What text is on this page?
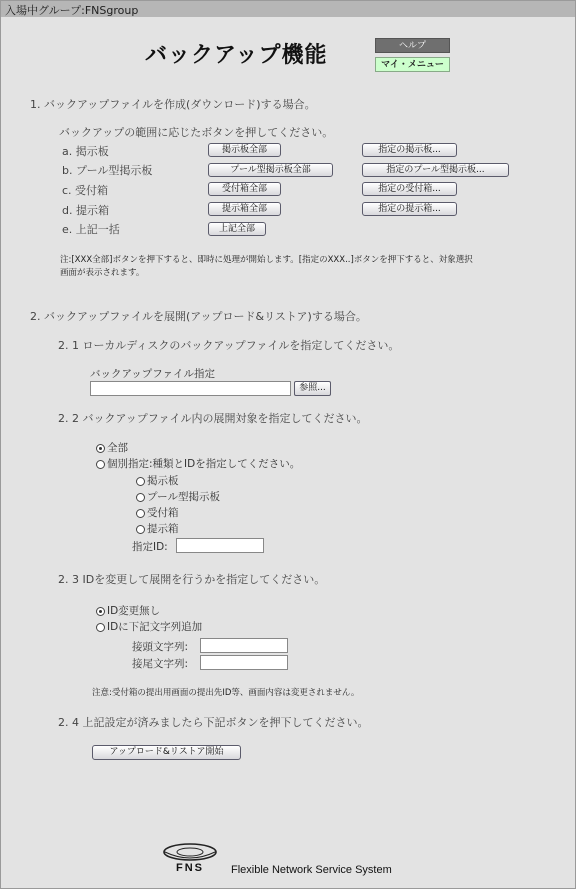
入場中グループ:FNSgroup
バックアップ機能	ヘルプ
マイ・メニュー
1. バックアップファイルを作成(ダウンロード)する場合。
バックアップの範囲に応じたボタンを押してください。
a. 掲示板	掲示板全部	指定の掲示板...
b. プール型掲示板	プール型掲示板全部	指定のプール型掲示板...
c. 受付箱	受付箱全部	指定の受付箱...
d. 提示箱	提示箱全部	指定の提示箱...
e. 上記一括	上記全部
注:[XXX全部]ボタンを押下すると、即時に処理が開始します。[指定のXXX..]ボタンを押下すると、対象選択
画面が表示されます。
2. バックアップファイルを展開(アップロード&リストア)する場合。
2. 1 ローカルディスクのバックアップファイルを指定してください。
バックアップファイル指定
参照...
2. 2 バックアップファイル内の展開対象を指定してください。
全部
個別指定:種類とIDを指定してください。
掲示板
プール型掲示板
受付箱
提示箱
指定ID:
2. 3 IDを変更して展開を行うかを指定してください。
ID変更無し
IDに下記文字列追加
接頭文字列:
接尾文字列:
注意:受付箱の提出用画面の提出先ID等、画面内容は変更されません。
2. 4 上記設定が済みましたら下記ボタンを押下してください。
アップロード&リストア開始
FNS Flexible Network Service System
